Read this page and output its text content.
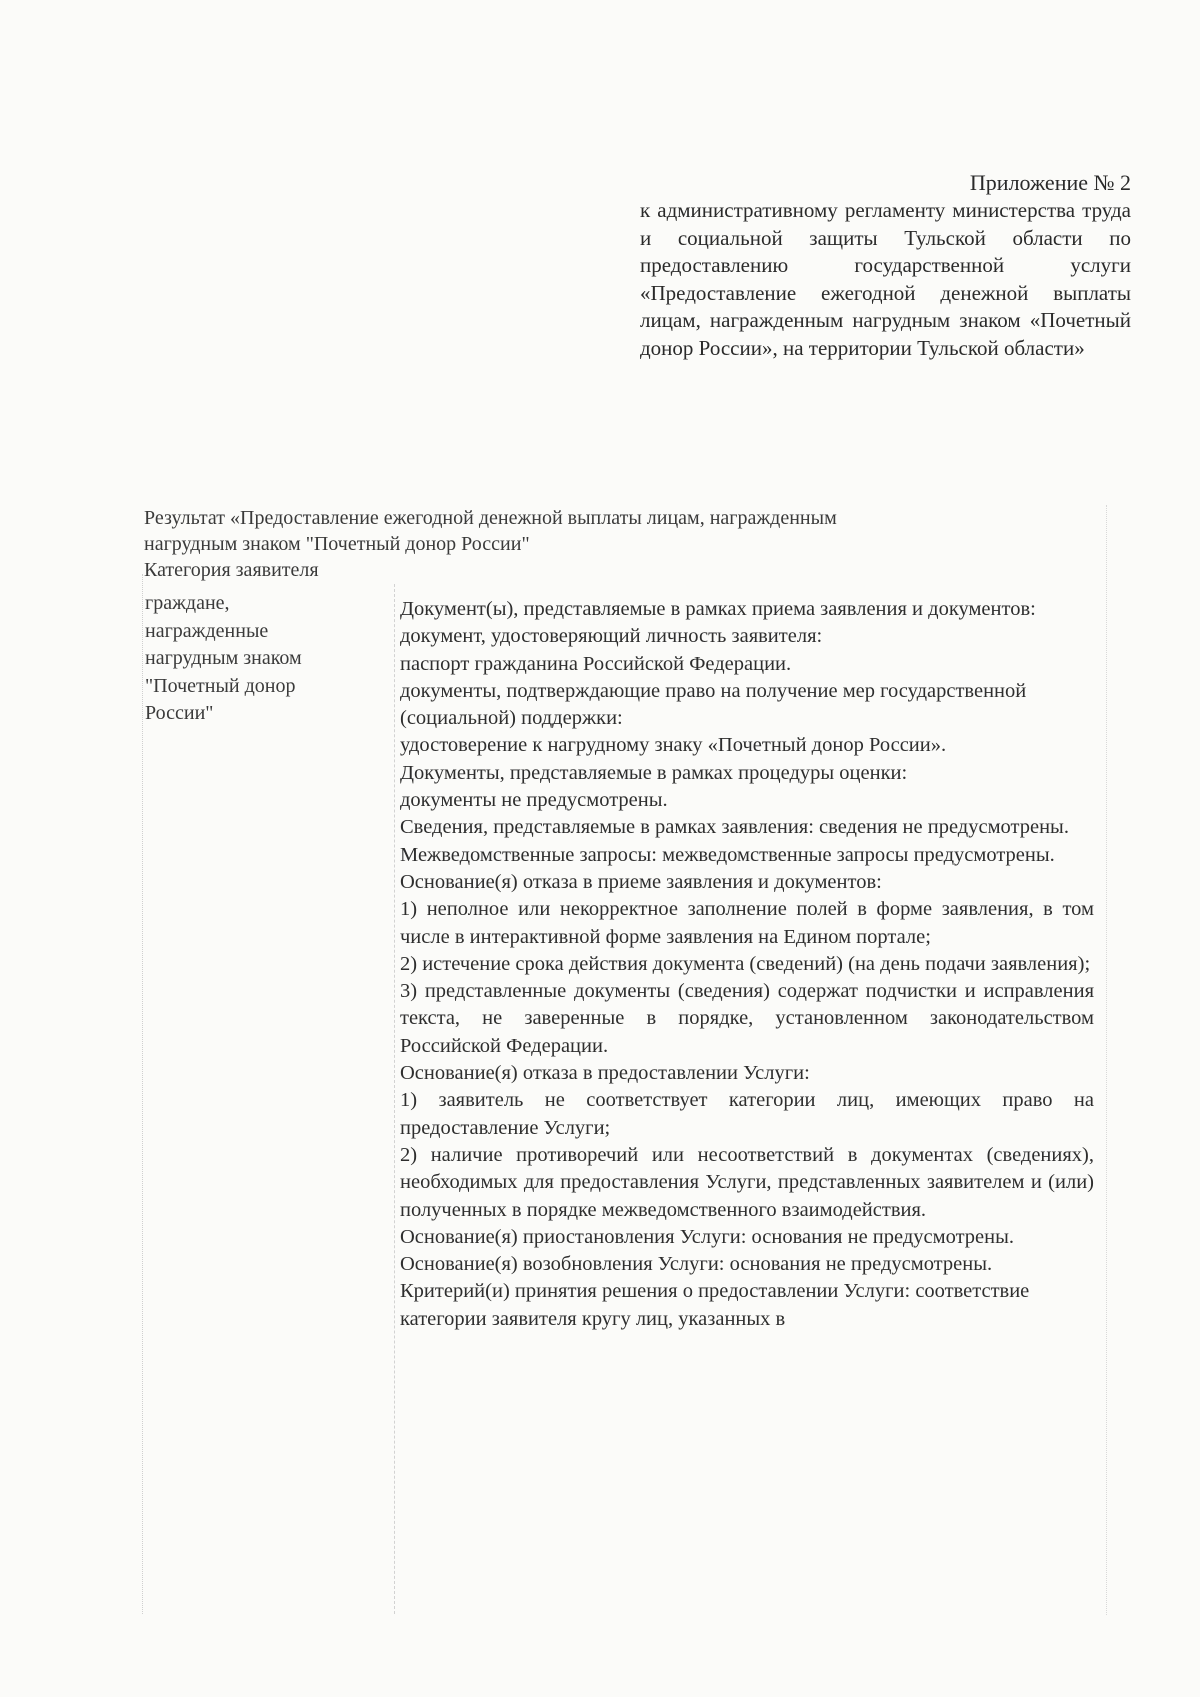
Приложение № 2

к административному регламенту министерства труда и социальной защиты Тульской области по предоставлению государственной услуги «Предоставление ежегодной денежной выплаты лицам, награжденным нагрудным знаком «Почетный донор России», на территории Тульской области»

Результат «Предоставление ежегодной денежной выплаты лицам, награжденным

нагрудным знаком "Почетный донор России"

Категория заявителя

граждане,

награжденные

нагрудным знаком

"Почетный донор

России"

Документ(ы), представляемые в рамках приема заявления и документов:

документ, удостоверяющий личность заявителя:

паспорт гражданина Российской Федерации.

документы, подтверждающие право на получение мер государственной (социальной) поддержки:

удостоверение к нагрудному знаку «Почетный донор России».

Документы, представляемые в рамках процедуры оценки:

документы не предусмотрены.

Сведения, представляемые в рамках заявления: сведения не предусмотрены.

Межведомственные запросы: межведомственные запросы предусмотрены.

Основание(я) отказа в приеме заявления и документов:

1) неполное или некорректное заполнение полей в форме заявления, в том числе в интерактивной форме заявления на Едином портале;

2) истечение срока действия документа (сведений) (на день подачи заявления);

3) представленные документы (сведения) содержат подчистки и исправления текста, не заверенные в порядке, установленном законодательством Российской Федерации.

Основание(я) отказа в предоставлении Услуги:

1) заявитель не соответствует категории лиц, имеющих право на предоставление Услуги;

2) наличие противоречий или несоответствий в документах (сведениях), необходимых для предоставления Услуги, представленных заявителем и (или) полученных в порядке межведомственного взаимодействия.

Основание(я) приостановления Услуги: основания не предусмотрены.

Основание(я) возобновления Услуги: основания не предусмотрены.

Критерий(и) принятия решения о предоставлении Услуги: соответствие категории заявителя кругу лиц, указанных в
